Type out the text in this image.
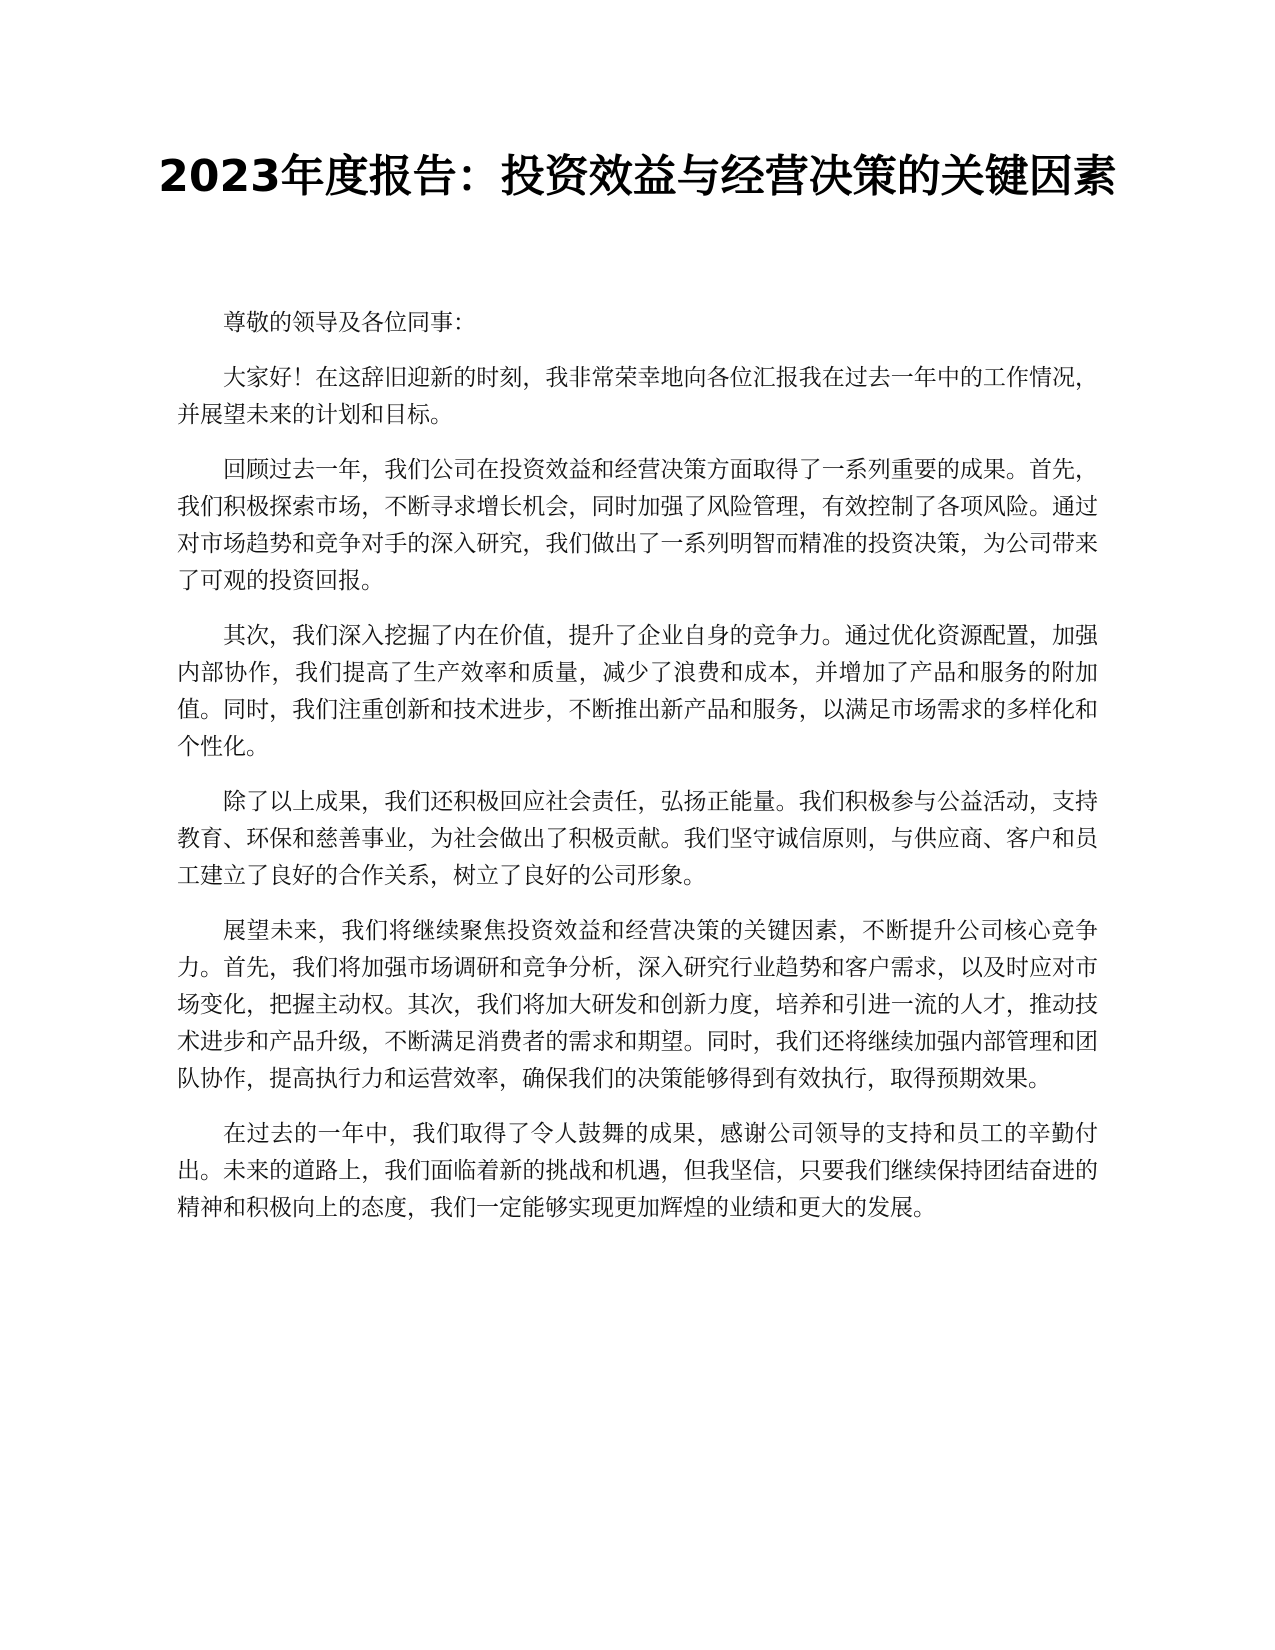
2023年度报告：投资效益与经营决策的关键因素

尊敬的领导及各位同事：

大家好！在这辞旧迎新的时刻，我非常荣幸地向各位汇报我在过去一年中的工作情况，并展望未来的计划和目标。

回顾过去一年，我们公司在投资效益和经营决策方面取得了一系列重要的成果。首先，我们积极探索市场，不断寻求增长机会，同时加强了风险管理，有效控制了各项风险。通过对市场趋势和竞争对手的深入研究，我们做出了一系列明智而精准的投资决策，为公司带来了可观的投资回报。

其次，我们深入挖掘了内在价值，提升了企业自身的竞争力。通过优化资源配置，加强内部协作，我们提高了生产效率和质量，减少了浪费和成本，并增加了产品和服务的附加值。同时，我们注重创新和技术进步，不断推出新产品和服务，以满足市场需求的多样化和个性化。

除了以上成果，我们还积极回应社会责任，弘扬正能量。我们积极参与公益活动，支持教育、环保和慈善事业，为社会做出了积极贡献。我们坚守诚信原则，与供应商、客户和员工建立了良好的合作关系，树立了良好的公司形象。

展望未来，我们将继续聚焦投资效益和经营决策的关键因素，不断提升公司核心竞争力。首先，我们将加强市场调研和竞争分析，深入研究行业趋势和客户需求，以及时应对市场变化，把握主动权。其次，我们将加大研发和创新力度，培养和引进一流的人才，推动技术进步和产品升级，不断满足消费者的需求和期望。同时，我们还将继续加强内部管理和团队协作，提高执行力和运营效率，确保我们的决策能够得到有效执行，取得预期效果。

在过去的一年中，我们取得了令人鼓舞的成果，感谢公司领导的支持和员工的辛勤付出。未来的道路上，我们面临着新的挑战和机遇，但我坚信，只要我们继续保持团结奋进的精神和积极向上的态度，我们一定能够实现更加辉煌的业绩和更大的发展。
